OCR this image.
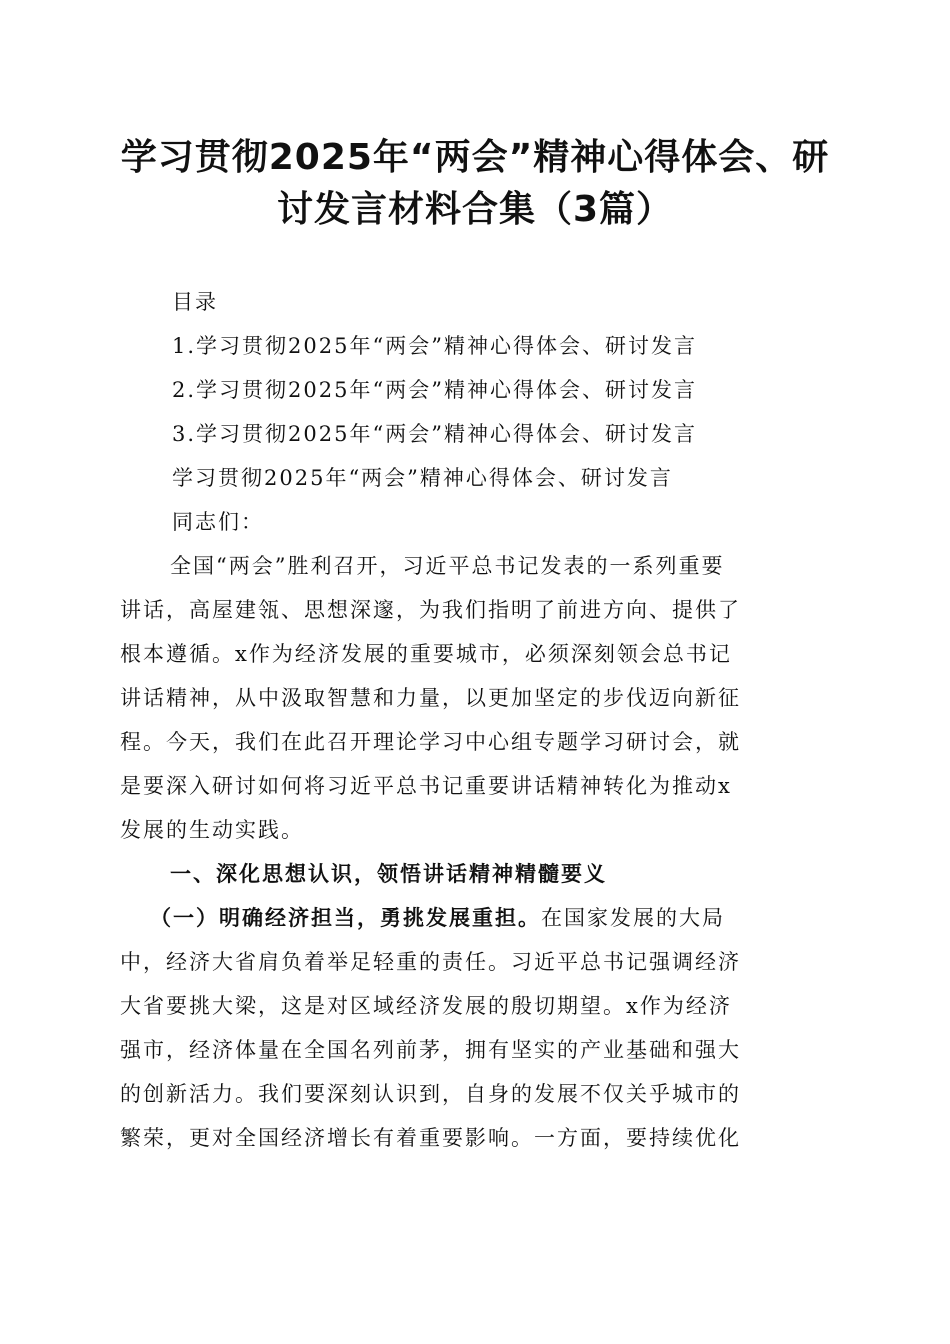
学习贯彻2025年“两会”精神心得体会、研
讨发言材料合集（3篇）
目录
1.学习贯彻2025年“两会”精神心得体会、研讨发言
2.学习贯彻2025年“两会”精神心得体会、研讨发言
3.学习贯彻2025年“两会”精神心得体会、研讨发言
学习贯彻2025年“两会”精神心得体会、研讨发言
同志们：
全国“两会”胜利召开，习近平总书记发表的一系列重要
讲话，高屋建瓴、思想深邃，为我们指明了前进方向、提供了
根本遵循。x作为经济发展的重要城市，必须深刻领会总书记
讲话精神，从中汲取智慧和力量，以更加坚定的步伐迈向新征
程。今天，我们在此召开理论学习中心组专题学习研讨会，就
是要深入研讨如何将习近平总书记重要讲话精神转化为推动x
发展的生动实践。
一、深化思想认识，领悟讲话精神精髓要义
（一）明确经济担当，勇挑发展重担。在国家发展的大局
中，经济大省肩负着举足轻重的责任。习近平总书记强调经济
大省要挑大梁，这是对区域经济发展的殷切期望。x作为经济
强市，经济体量在全国名列前茅，拥有坚实的产业基础和强大
的创新活力。我们要深刻认识到，自身的发展不仅关乎城市的
繁荣，更对全国经济增长有着重要影响。一方面，要持续优化
